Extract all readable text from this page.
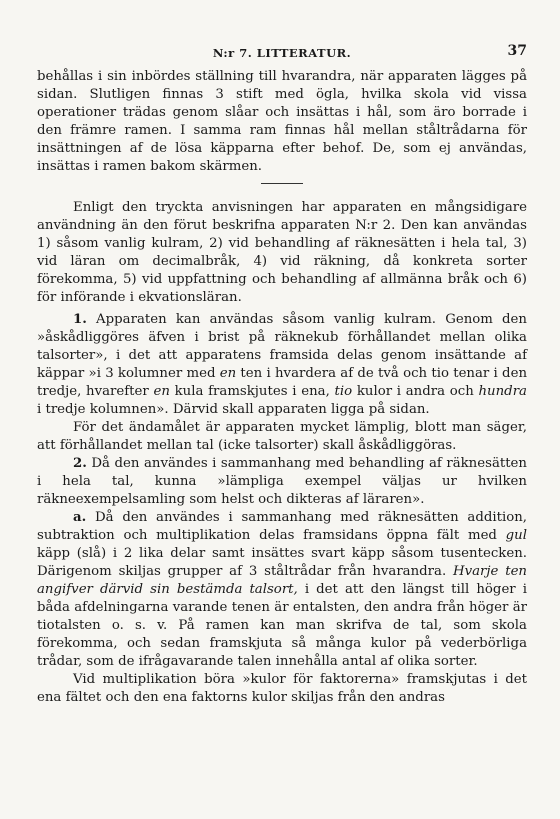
N:r 7. LITTERATUR.	37

behållas i sin inbördes ställning till hvarandra, när apparaten lägges på sidan. Slutligen finnas 3 stift med ögla, hvilka skola vid vissa operationer trädas genom slåar och insättas i hål, som äro borrade i den främre ramen. I samma ram finnas hål mellan ståltrådarna för insättningen af de lösa käpparna efter behof. De, som ej användas, insättas i ramen bakom skärmen.

Enligt den tryckta anvisningen har apparaten en mångsidigare användning än den förut beskrifna apparaten N:r 2. Den kan användas 1) såsom vanlig kulram, 2) vid behandling af räknesätten i hela tal, 3) vid läran om decimalbråk, 4) vid räkning, då konkreta sorter förekomma, 5) vid uppfattning och behandling af allmänna bråk och 6) för införande i ekvationsläran.

1. Apparaten kan användas såsom vanlig kulram. Genom den »åskådliggöres äfven i brist på räknekub förhållandet mellan olika talsorter», i det att apparatens framsida delas genom insättande af käppar »i 3 kolumner med en ten i hvardera af de två och tio tenar i den tredje, hvarefter en kula framskjutes i ena, tio kulor i andra och hundra i tredje kolumnen». Därvid skall apparaten ligga på sidan.

För det ändamålet är apparaten mycket lämplig, blott man säger, att förhållandet mellan tal (icke talsorter) skall åskådliggöras.

2. Då den användes i sammanhang med behandling af räknesätten i hela tal, kunna »lämpliga exempel väljas ur hvilken räkneexempelsamling som helst och dikteras af läraren».

a. Då den användes i sammanhang med räknesätten addition, subtraktion och multiplikation delas framsidans öppna fält med gul käpp (slå) i 2 lika delar samt insättes svart käpp såsom tusentecken. Därigenom skiljas grupper af 3 ståltrådar från hvarandra. Hvarje ten angifver därvid sin bestämda talsort, i det att den längst till höger i båda afdelningarna varande tenen är entalsten, den andra från höger är tiotalsten o. s. v. På ramen kan man skrifva de tal, som skola förekomma, och sedan framskjuta så många kulor på vederbörliga trådar, som de ifrågavarande talen innehålla antal af olika sorter.

Vid multiplikation böra »kulor för faktorerna» framskjutas i det ena fältet och den ena faktorns kulor skiljas från den andras
